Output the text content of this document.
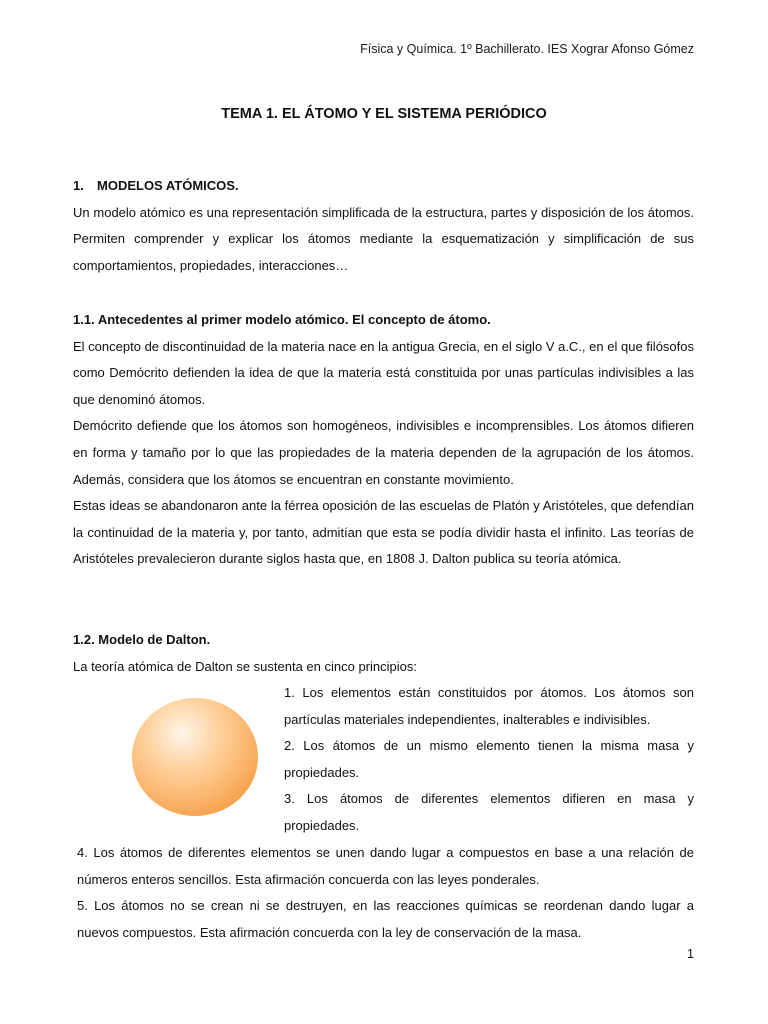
Física y Química. 1º Bachillerato. IES Xograr Afonso Gómez
TEMA 1. EL ÁTOMO Y EL SISTEMA PERIÓDICO

1. MODELOS ATÓMICOS.

Un modelo atómico es una representación simplificada de la estructura, partes y disposición de los átomos. Permiten comprender y explicar los átomos mediante la esquematización y simplificación de sus comportamientos, propiedades, interacciones…

1.1. Antecedentes al primer modelo atómico. El concepto de átomo.

El concepto de discontinuidad de la materia nace en la antigua Grecia, en el siglo V a.C., en el que filósofos como Demócrito defienden la idea de que la materia está constituida por unas partículas indivisibles a las que denominó átomos.

Demócrito defiende que los átomos son homogéneos, indivisibles e incomprensibles. Los átomos difieren en forma y tamaño por lo que las propiedades de la materia dependen de la agrupación de los átomos. Además, considera que los átomos se encuentran en constante movimiento.

Estas ideas se abandonaron ante la férrea oposición de las escuelas de Platón y Aristóteles, que defendían la continuidad de la materia y, por tanto, admitían que esta se podía dividir hasta el infinito. Las teorías de Aristóteles prevalecieron durante siglos hasta que, en 1808 J. Dalton publica su teoría atómica.

1.2. Modelo de Dalton.

La teoría atómica de Dalton se sustenta en cinco principios:

1. Los elementos están constituidos por átomos. Los átomos son partículas materiales independientes, inalterables e indivisibles.

2. Los átomos de un mismo elemento tienen la misma masa y propiedades.

3. Los átomos de diferentes elementos difieren en masa y propiedades.

4. Los átomos de diferentes elementos se unen dando lugar a compuestos en base a una relación de números enteros sencillos. Esta afirmación concuerda con las leyes ponderales.

5. Los átomos no se crean ni se destruyen, en las reacciones químicas se reordenan dando lugar a nuevos compuestos. Esta afirmación concuerda con la ley de conservación de la masa.

1
